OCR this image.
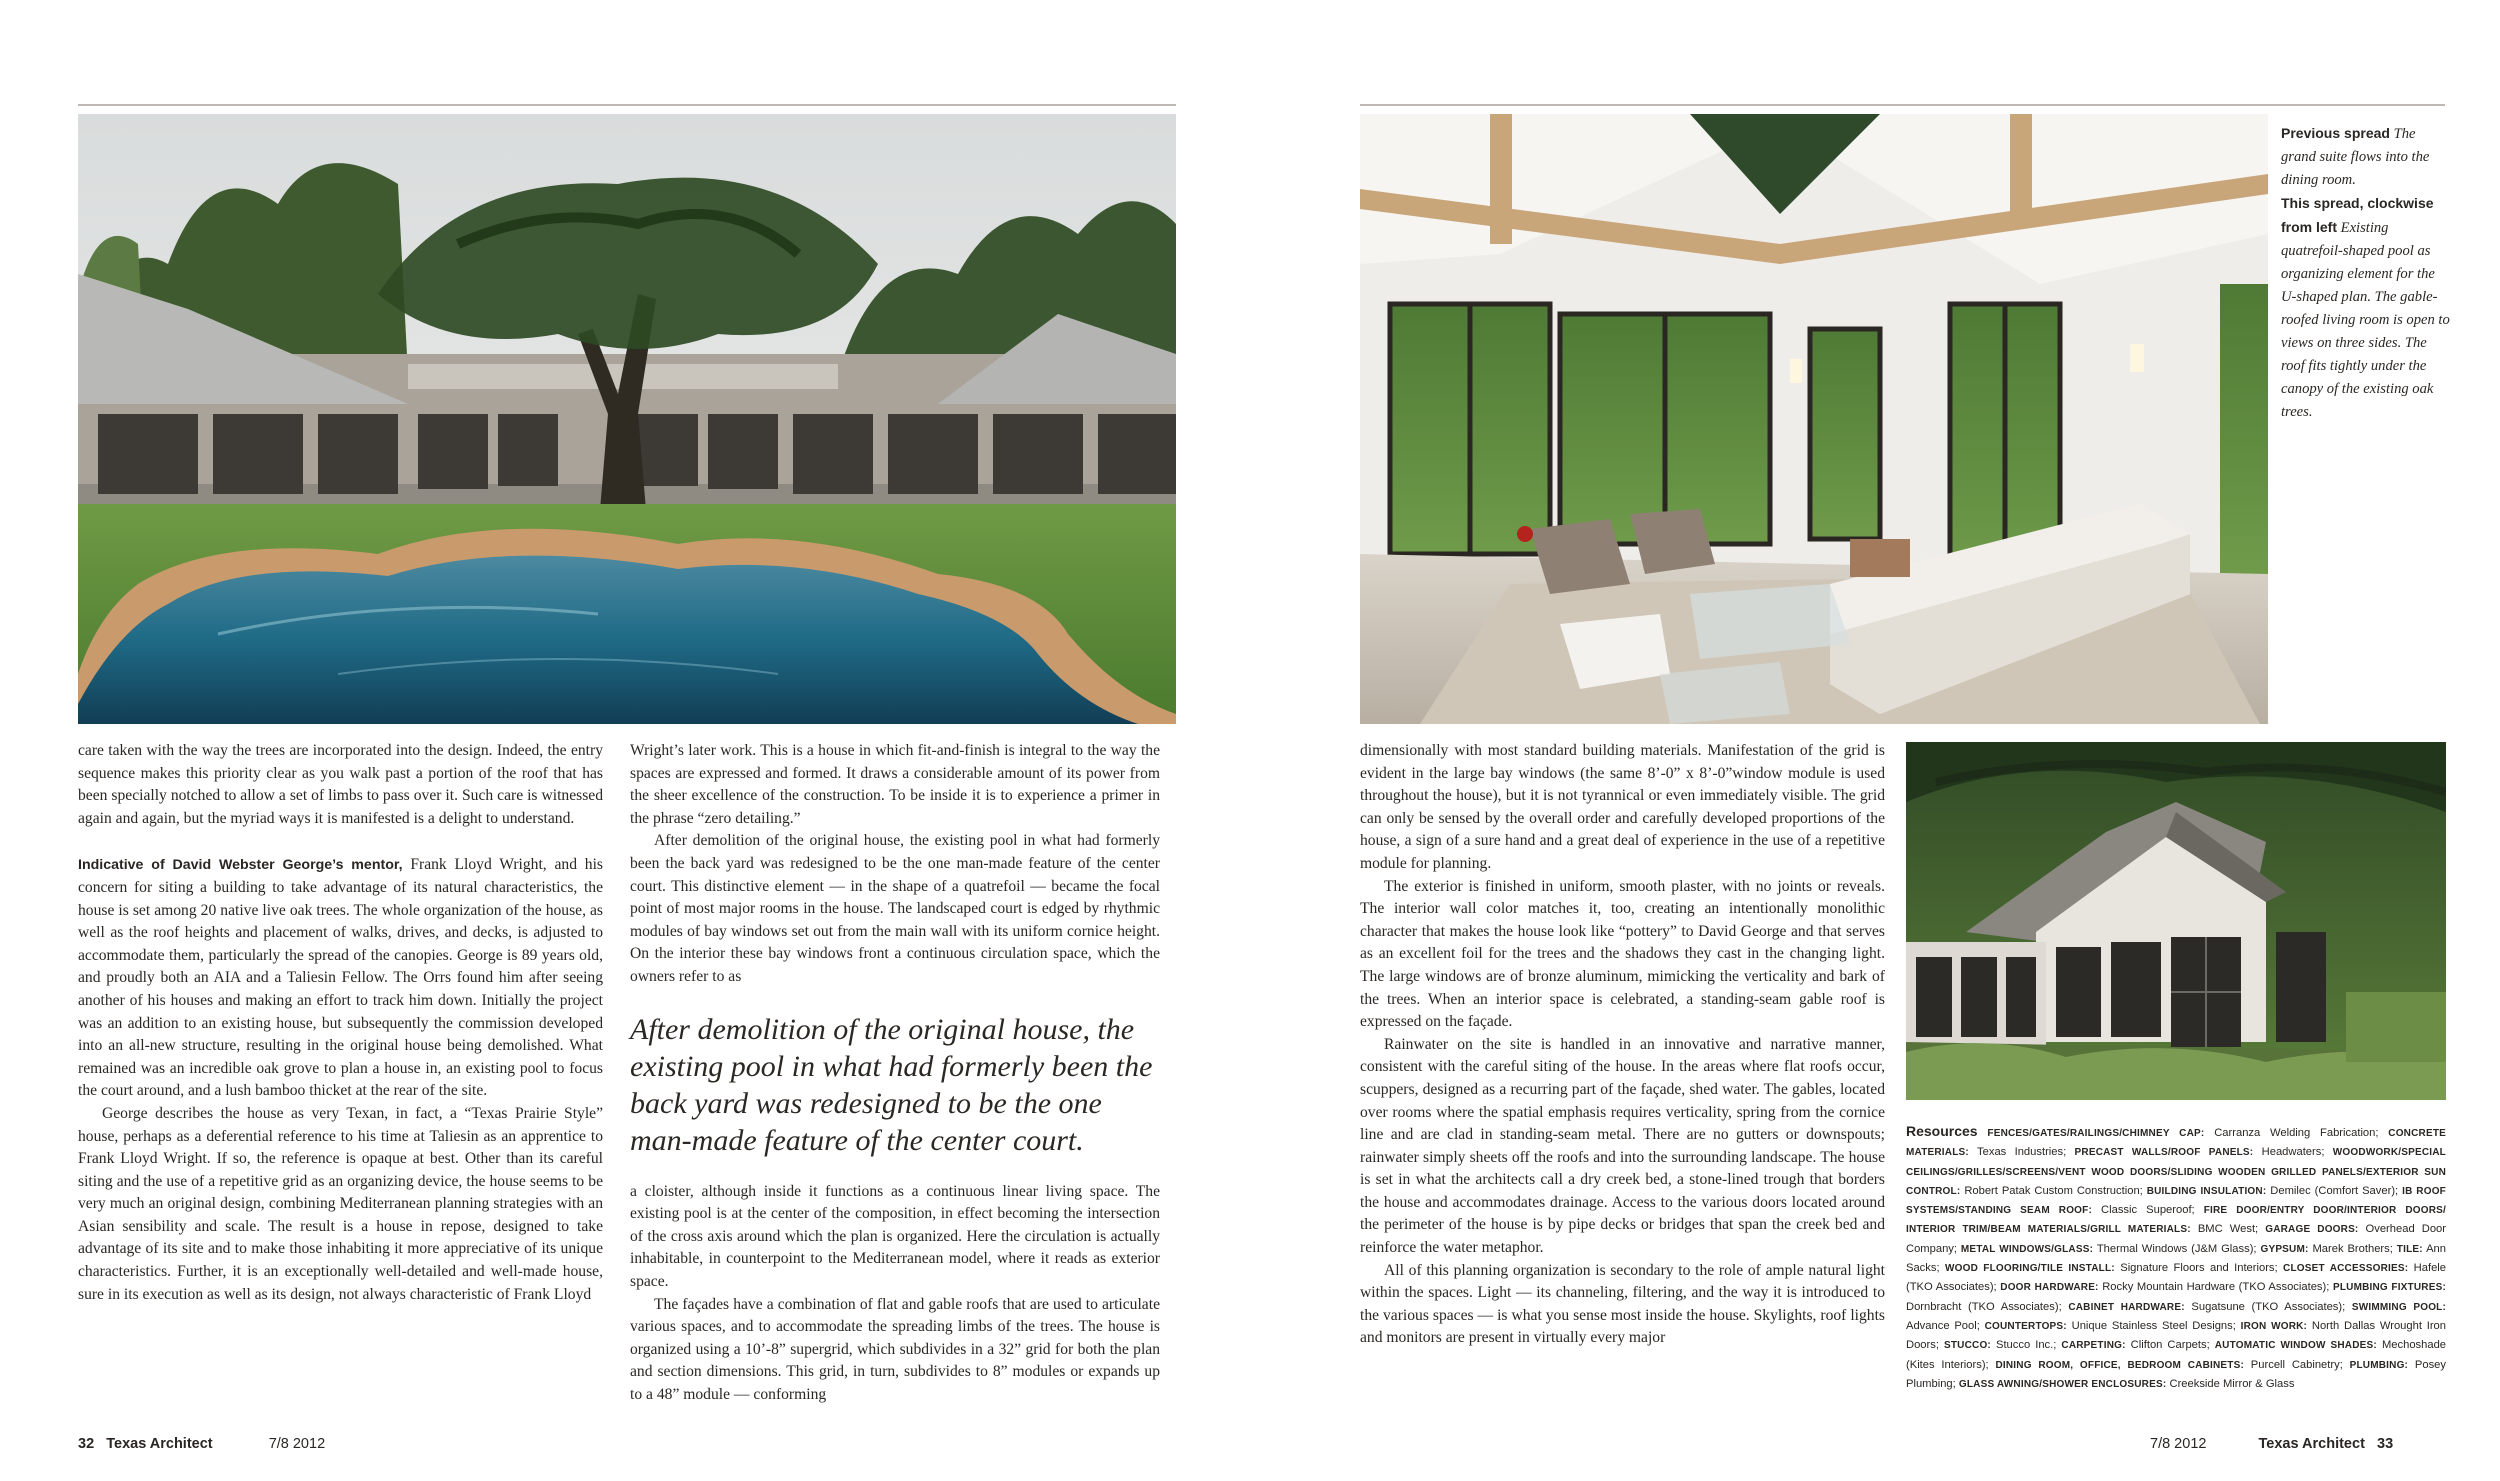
care taken with the way the trees are incorporated into the design. Indeed, the entry sequence makes this priority clear as you walk past a portion of the roof that has been specially notched to allow a set of limbs to pass over it. Such care is witnessed again and again, but the myriad ways it is manifested is a delight to understand.

Indicative of David Webster George’s mentor, Frank Lloyd Wright, and his concern for siting a building to take advantage of its natural characteristics, the house is set among 20 native live oak trees. The whole organization of the house, as well as the roof heights and placement of walks, drives, and decks, is adjusted to accommodate them, particularly the spread of the canopies. George is 89 years old, and proudly both an AIA and a Taliesin Fellow. The Orrs found him after seeing another of his houses and making an effort to track him down. Initially the project was an addition to an existing house, but subsequently the commission developed into an all-new structure, resulting in the original house being demolished. What remained was an incredible oak grove to plan a house in, an existing pool to focus the court around, and a lush bamboo thicket at the rear of the site.

George describes the house as very Texan, in fact, a “Texas Prairie Style” house, perhaps as a deferential reference to his time at Taliesin as an apprentice to Frank Lloyd Wright. If so, the reference is opaque at best. Other than its careful siting and the use of a repetitive grid as an organizing device, the house seems to be very much an original design, combining Mediterranean planning strategies with an Asian sensibility and scale. The result is a house in repose, designed to take advantage of its site and to make those inhabiting it more appreciative of its unique characteristics. Further, it is an exceptionally well-detailed and well-made house, sure in its execution as well as its design, not always characteristic of Frank Lloyd

Wright’s later work. This is a house in which fit-and-finish is integral to the way the spaces are expressed and formed. It draws a considerable amount of its power from the sheer excellence of the construction. To be inside it is to experience a primer in the phrase “zero detailing.”

After demolition of the original house, the existing pool in what had formerly been the back yard was redesigned to be the one man-made feature of the center court. This distinctive element — in the shape of a quatrefoil — became the focal point of most major rooms in the house. The landscaped court is edged by rhythmic modules of bay windows set out from the main wall with its uniform cornice height. On the interior these bay windows front a continuous circulation space, which the owners refer to as

After demolition of the original house, the existing pool in what had formerly been the back yard was redesigned to be the one man-made feature of the center court.

a cloister, although inside it functions as a continuous linear living space. The existing pool is at the center of the composition, in effect becoming the intersection of the cross axis around which the plan is organized. Here the circulation is actually inhabitable, in counterpoint to the Mediterranean model, where it reads as exterior space.

The façades have a combination of flat and gable roofs that are used to articulate various spaces, and to accommodate the spreading limbs of the trees. The house is organized using a 10’-8” supergrid, which subdivides in a 32” grid for both the plan and section dimensions. This grid, in turn, subdivides to 8” modules or expands up to a 48” module — conforming

32 Texas Architect	7/8 2012
Previous spread The grand suite flows into the dining room.
This spread, clockwise from left Existing quatrefoil-shaped pool as organizing element for the U-shaped plan. The gable-roofed living room is open to views on three sides. The roof fits tightly under the canopy of the existing oak trees.

dimensionally with most standard building materials. Manifestation of the grid is evident in the large bay windows (the same 8’-0” x 8’-0”window module is used throughout the house), but it is not tyrannical or even immediately visible. The grid can only be sensed by the overall order and carefully developed proportions of the house, a sign of a sure hand and a great deal of experience in the use of a repetitive module for planning.

The exterior is finished in uniform, smooth plaster, with no joints or reveals. The interior wall color matches it, too, creating an intentionally monolithic character that makes the house look like “pottery” to David George and that serves as an excellent foil for the trees and the shadows they cast in the changing light. The large windows are of bronze aluminum, mimicking the verticality and bark of the trees. When an interior space is celebrated, a standing-seam gable roof is expressed on the façade.

Rainwater on the site is handled in an innovative and narrative manner, consistent with the careful siting of the house. In the areas where flat roofs occur, scuppers, designed as a recurring part of the façade, shed water. The gables, located over rooms where the spatial emphasis requires verticality, spring from the cornice line and are clad in standing-seam metal. There are no gutters or downspouts; rainwater simply sheets off the roofs and into the surrounding landscape. The house is set in what the architects call a dry creek bed, a stone-lined trough that borders the house and accommodates drainage. Access to the various doors located around the perimeter of the house is by pipe decks or bridges that span the creek bed and reinforce the water metaphor.

All of this planning organization is secondary to the role of ample natural light within the spaces. Light — its channeling, filtering, and the way it is introduced to the various spaces — is what you sense most inside the house. Skylights, roof lights and monitors are present in virtually every major

Resources FENCES/GATES/RAILINGS/CHIMNEY CAP: Carranza Welding Fabrication; CONCRETE MATERIALS: Texas Industries; PRECAST WALLS/ROOF PANELS: Headwaters; WOODWORK/SPECIAL CEILINGS/GRILLES/SCREENS/VENT WOOD DOORS/SLIDING WOODEN GRILLED PANELS/EXTERIOR SUN CONTROL: Robert Patak Custom Construction; BUILDING INSULATION: Demilec (Comfort Saver); IB ROOF SYSTEMS/STANDING SEAM ROOF: Classic Superoof; FIRE DOOR/ENTRY DOOR/INTERIOR DOORS/ INTERIOR TRIM/BEAM MATERIALS/GRILL MATERIALS: BMC West; GARAGE DOORS: Overhead Door Company; METAL WINDOWS/GLASS: Thermal Windows (J&M Glass); GYPSUM: Marek Brothers; TILE: Ann Sacks; WOOD FLOORING/TILE INSTALL: Signature Floors and Interiors; CLOSET ACCESSORIES: Hafele (TKO Associates); DOOR HARDWARE: Rocky Mountain Hardware (TKO Associates); PLUMBING FIXTURES: Dornbracht (TKO Associates); CABINET HARDWARE: Sugatsune (TKO Associates); SWIMMING POOL: Advance Pool; COUNTERTOPS: Unique Stainless Steel Designs; IRON WORK: North Dallas Wrought Iron Doors; STUCCO: Stucco Inc.; CARPETING: Clifton Carpets; AUTOMATIC WINDOW SHADES: Mechoshade (Kites Interiors); DINING ROOM, OFFICE, BEDROOM CABINETS: Purcell Cabinetry; PLUMBING: Posey Plumbing; GLASS AWNING/SHOWER ENCLOSURES: Creekside Mirror & Glass
7/8 2012	Texas Architect 33
